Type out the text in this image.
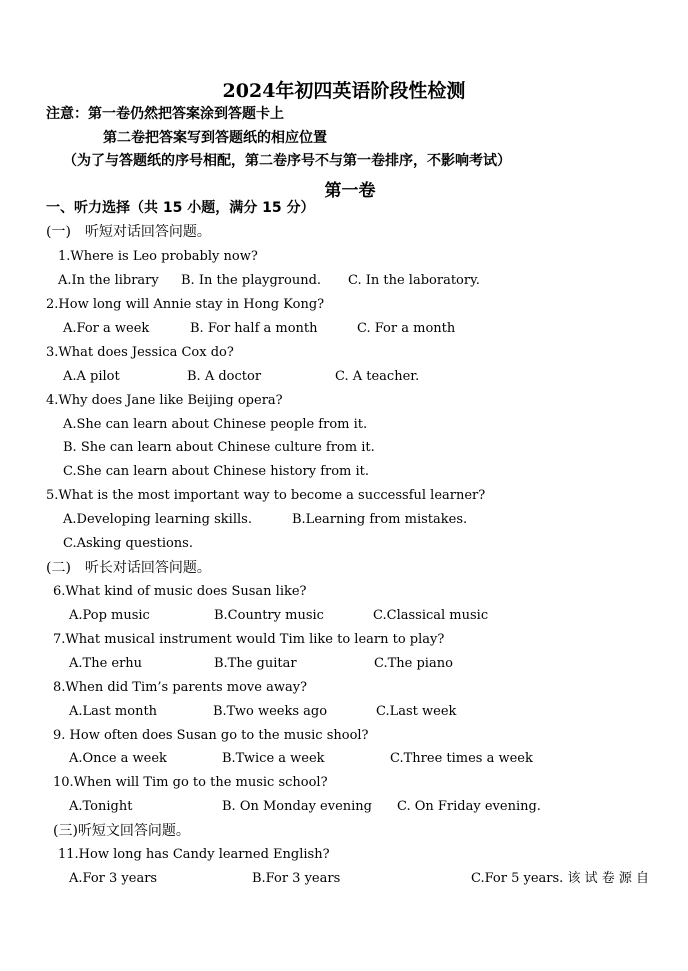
2024年初四英语阶段性检测
注意：第一卷仍然把答案涂到答题卡上
第二卷把答案写到答题纸的相应位置
（为了与答题纸的序号相配，第二卷序号不与第一卷排序，不影响考试）
第一卷
一、听力选择（共 15 小题，满分 15 分）
(一)　听短对话回答问题。
1.Where is Leo probably now?
A.In the library B. In the playground. C. In the laboratory.
2.How long will Annie stay in Hong Kong?
A.For a week	B. For half a month	C. For a month
3.What does Jessica Cox do?
A.A pilot	B. A doctor	C. A teacher.
4.Why does Jane like Beijing opera?
A.She can learn about Chinese people from it.
B. She can learn about Chinese culture from it.
C.She can learn about Chinese history from it.
5.What is the most important way to become a successful learner?
A.Developing learning skills.	B.Learning from mistakes.
C.Asking questions.
(二)　听长对话回答问题。
6.What kind of music does Susan like?
A.Pop music	B.Country music	C.Classical music
7.What musical instrument would Tim like to learn to play?
A.The erhu	B.The guitar	C.The piano
8.When did Tim’s parents move away?
A.Last month	B.Two weeks ago	C.Last week
9. How often does Susan go to the music shool?
A.Once a week	B.Twice a week	C.Three times a week
10.When will Tim go to the music school?
A.Tonight	B. On Monday evening C. On Friday evening.
(三)听短文回答问题。
11.How long has Candy learned English?
A.For 3 years	B.For 3 years	C.For 5 years. 该 试 卷 源 自
